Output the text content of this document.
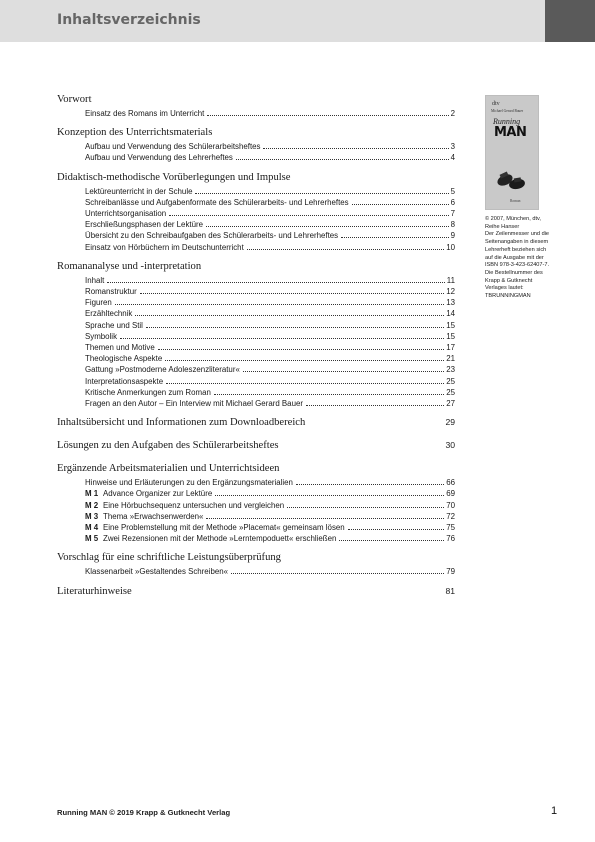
Inhaltsverzeichnis
Vorwort
Einsatz des Romans im Unterricht	2
Konzeption des Unterrichtsmaterials
Aufbau und Verwendung des Schülerarbeitsheftes	3
Aufbau und Verwendung des Lehrerheftes	4
Didaktisch-methodische Vorüberlegungen und Impulse
Lektüreunterricht in der Schule	5
Schreibanlässe und Aufgabenformate des Schülerarbeits- und Lehrerheftes	6
Unterrichtsorganisation	7
Erschließungsphasen der Lektüre	8
Übersicht zu den Schreibaufgaben des Schülerarbeits- und Lehrerheftes	9
Einsatz von Hörbüchern im Deutschunterricht	10
Romananalyse und -interpretation
Inhalt	11
Romanstruktur	12
Figuren	13
Erzähltechnik	14
Sprache und Stil	15
Symbolik	15
Themen und Motive	17
Theologische Aspekte	21
Gattung »Postmoderne Adoleszenzliteratur«	23
Interpretationsaspekte	25
Kritische Anmerkungen zum Roman	25
Fragen an den Autor – Ein Interview mit Michael Gerard Bauer	27
Inhaltsübersicht und Informationen zum Downloadbereich	29
Lösungen zu den Aufgaben des Schülerarbeitsheftes	30
Ergänzende Arbeitsmaterialien und Unterrichtsideen
Hinweise und Erläuterungen zu den Ergänzungsmaterialien	66
M 1 Advance Organizer zur Lektüre	69
M 2 Eine Hörbuchsequenz untersuchen und vergleichen	70
M 3 Thema »Erwachsenwerden«	72
M 4 Eine Problemstellung mit der Methode »Placemat« gemeinsam lösen	75
M 5 Zwei Rezensionen mit der Methode »Lerntempoduett« erschließen	76
Vorschlag für eine schriftliche Leistungsüberprüfung
Klassenarbeit »Gestaltendes Schreiben«	79
Literaturhinweise	81
dtv
Michael Gerard Bauer
Running
MAN
Roman
© 2007, München, dtv,
Reihe Hanser
Der Zeilenmesser und die
Seitenangaben in diesem
Lehrerheft beziehen sich
auf die Ausgabe mit der
ISBN 978-3-423-62407-7.
Die Bestellnummer des
Krapp & Gutknecht
Verlages lautet:
TBRUNNINGMAN
Running MAN © 2019 Krapp & Gutknecht Verlag	1
